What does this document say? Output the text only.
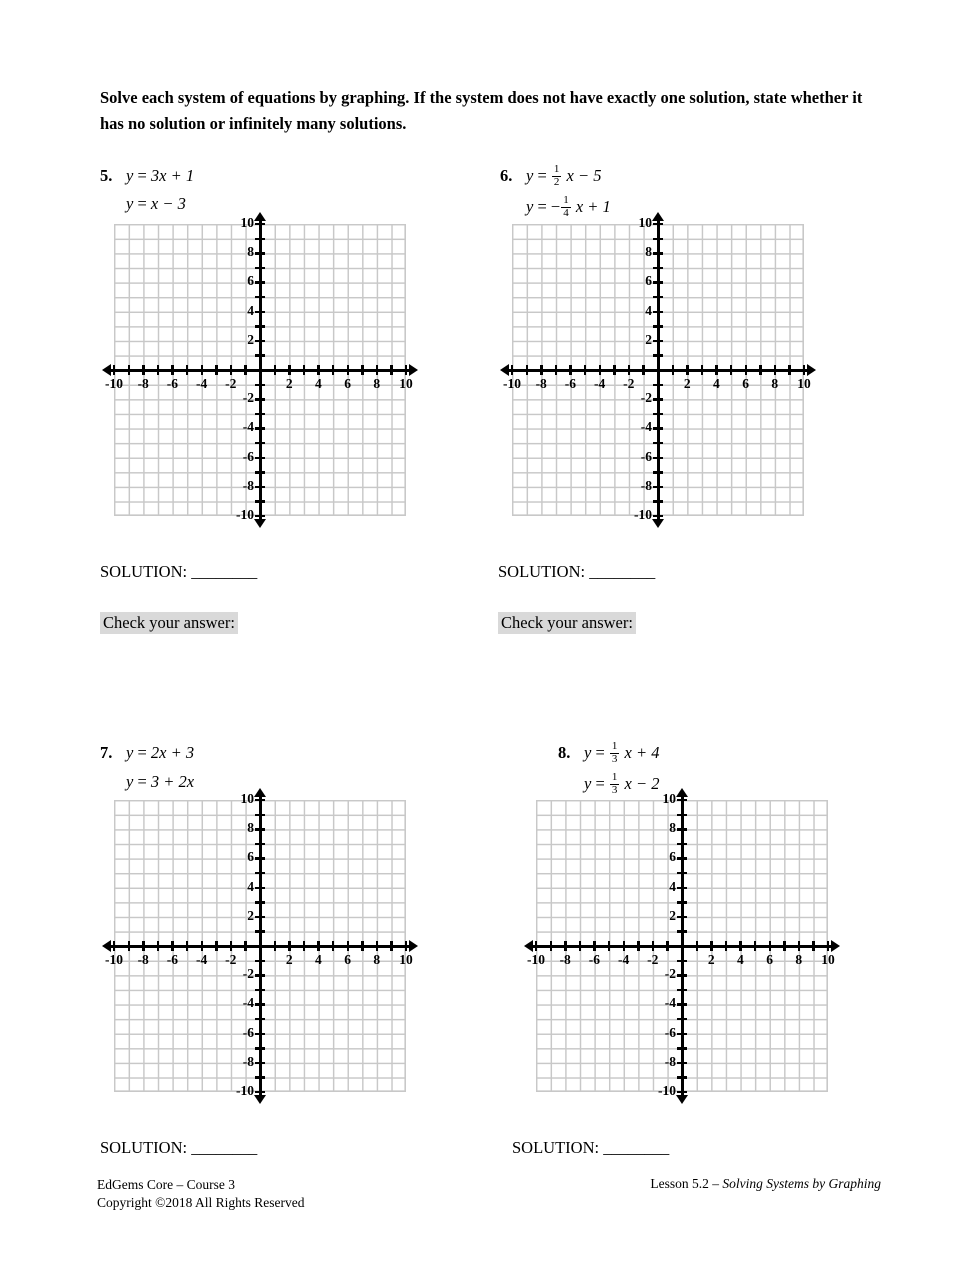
Solve each system of equations by graphing. If the system does not have exactly one solution, state whether it has no solution or infinitely many solutions.
5. y = 3x + 1
y = x − 3
-10	-8	-6	-4	-2	2	4	6	8	10
10
8
6
4
2
-2
-4
-6
-8
-10
SOLUTION: ________
Check your answer:
6. $y = \frac{1}{2}$ x − 5
y = − $\frac{1}{4}$ x + 1
-10	-8	-6	-4	-2	2	4	6	8	10
10
8
6
4
2
-2
-4
-6
-8
-10
SOLUTION: ________
Check your answer:
7. y = 2x + 3
y = 3 + 2x
-10	-8	-6	-4	-2	2	4	6	8	10
10
8
6
4
2
-2
-4
-6
-8
-10
SOLUTION: ________
8. $y = \frac{1}{3}$ x + 4
$y = \frac{1}{3}$ x − 2
-10	-8	-6	-4	-2	2	4	6	8	10
10
8
6
4
2
-2
-4
-6
-8
-10
SOLUTION: ________
EdGems Core – Course 3
Copyright ©2018 All Rights Reserved
Lesson 5.2 – Solving Systems by Graphing
